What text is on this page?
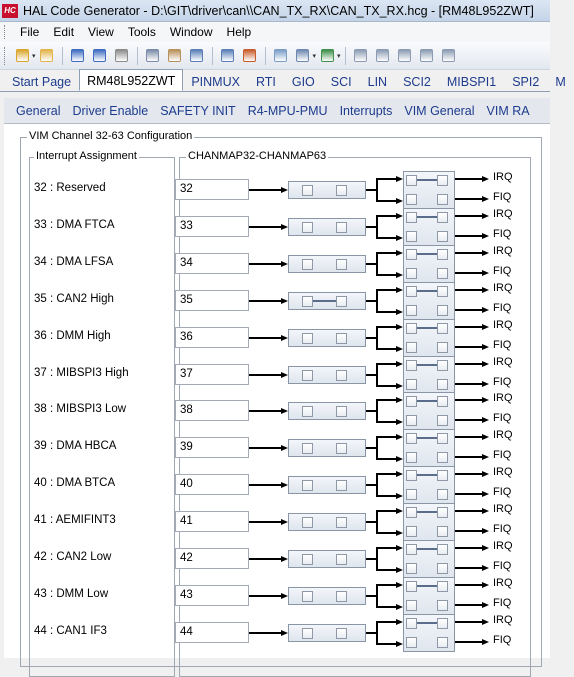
HC HAL Code Generator - D:\GIT\driver\can\\CAN_TX_RX\CAN_TX_RX.hcg - [RM48L952ZWT]
File	Edit	View	Tools	Window	Help
▾	▾	▾
Start Page	RM48L952ZWT	PINMUX	RTI	GIO	SCI	LIN	SCI2	MIBSPI1	SPI2	M
General Driver Enable SAFETY INIT R4-MPU-PMU Interrupts VIM General VIM RA
VIM Channel 32-63 Configuration
Interrupt Assignment	CHANMAP32-CHANMAP63
32 : Reserved	32
IRQ
FIQ
33 : DMA FTCA	33
IRQ
FIQ
34 : DMA LFSA	34
IRQ
FIQ
35 : CAN2 High	35
IRQ
FIQ
36 : DMM High	36
IRQ
FIQ
37 : MIBSPI3 High	37
IRQ
FIQ
38 : MIBSPI3 Low	38
IRQ
FIQ
39 : DMA HBCA	39
IRQ
FIQ
40 : DMA BTCA	40
IRQ
FIQ
41 : AEMIFINT3	41
IRQ
FIQ
42 : CAN2 Low	42
IRQ
FIQ
43 : DMM Low	43
IRQ
FIQ
44 : CAN1 IF3	44
IRQ
FIQ
